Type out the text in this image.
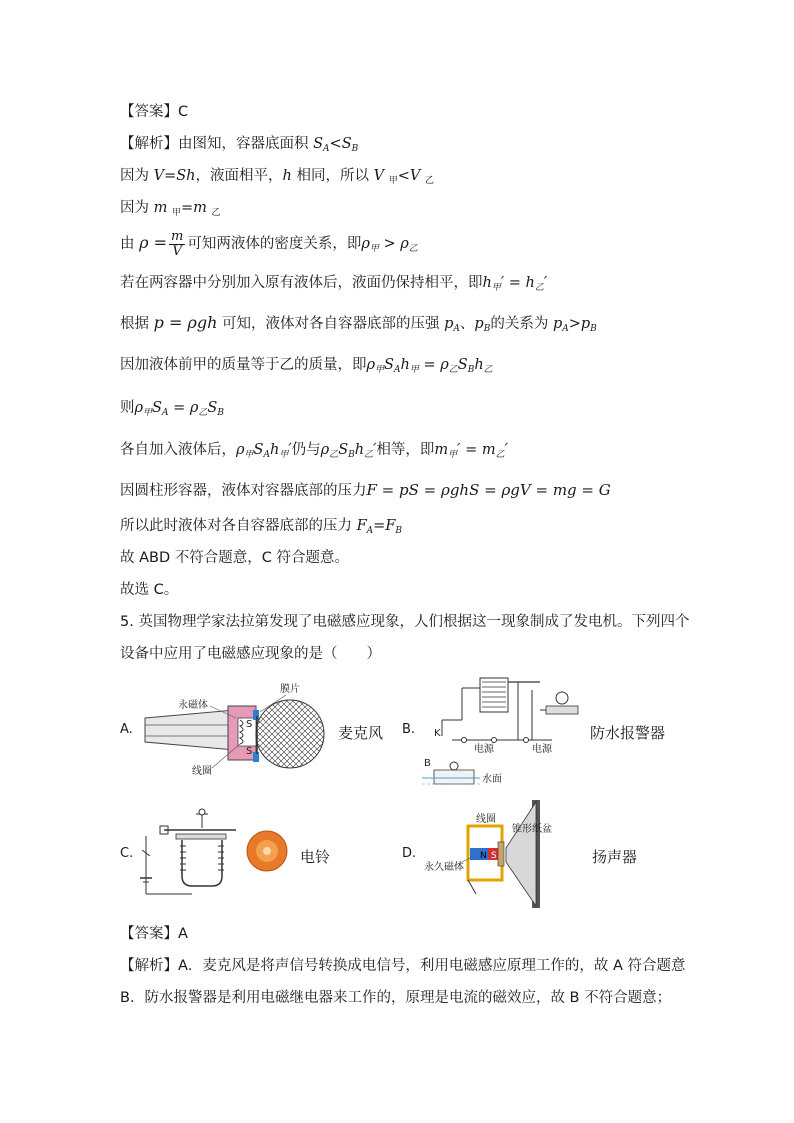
【答案】C
【解析】由图知，容器底面积 $S_A<S_B$
因为 V=Sh，液面相平，h 相同，所以 V $_甲$<V $_乙$
因为 m $_甲$=m $_乙$
由 $\rho = \frac{m}{V}$ 可知两液体的密度关系，即$\rho_甲 > \rho_乙$
若在两容器中分别加入原有液体后，液面仍保持相平，即$h_甲' = h_乙'$
根据 p = ρgh 可知，液体对各自容器底部的压强 $p_A$、$p_B$的关系为 $p_A>p_B$
因加液体前甲的质量等于乙的质量，即$\rho_甲S_Ah_甲 = \rho_乙S_Bh_乙$
则$\rho_甲S_A = \rho_乙S_B$
各自加入液体后，$\rho_甲S_Ah_甲'$仍与$\rho_乙S_Bh_乙'$相等，即$m_甲' = m_乙'$
因圆柱形容器，液体对容器底部的压力F = pS = ρghS = ρgV = mg = G
所以此时液体对各自容器底部的压力 $F_A=F_B$
故 ABD 不符合题意，C 符合题意。
故选 C。
5. 英国物理学家法拉第发现了电磁感应现象，人们根据这一现象制成了发电机。下列四个
设备中应用了电磁感应现象的是（　　）
A.	S
S
永磁体
膜片
线圈
麦克风 B. K
电源	电源
B
水面
防水报警器
C.	电铃	D.	N S
线圈
锥形纸盆
永久磁体
扬声器
【答案】A
【解析】A．麦克风是将声信号转换成电信号，利用电磁感应原理工作的，故 A 符合题意
B．防水报警器是利用电磁继电器来工作的，原理是电流的磁效应，故 B 不符合题意；
